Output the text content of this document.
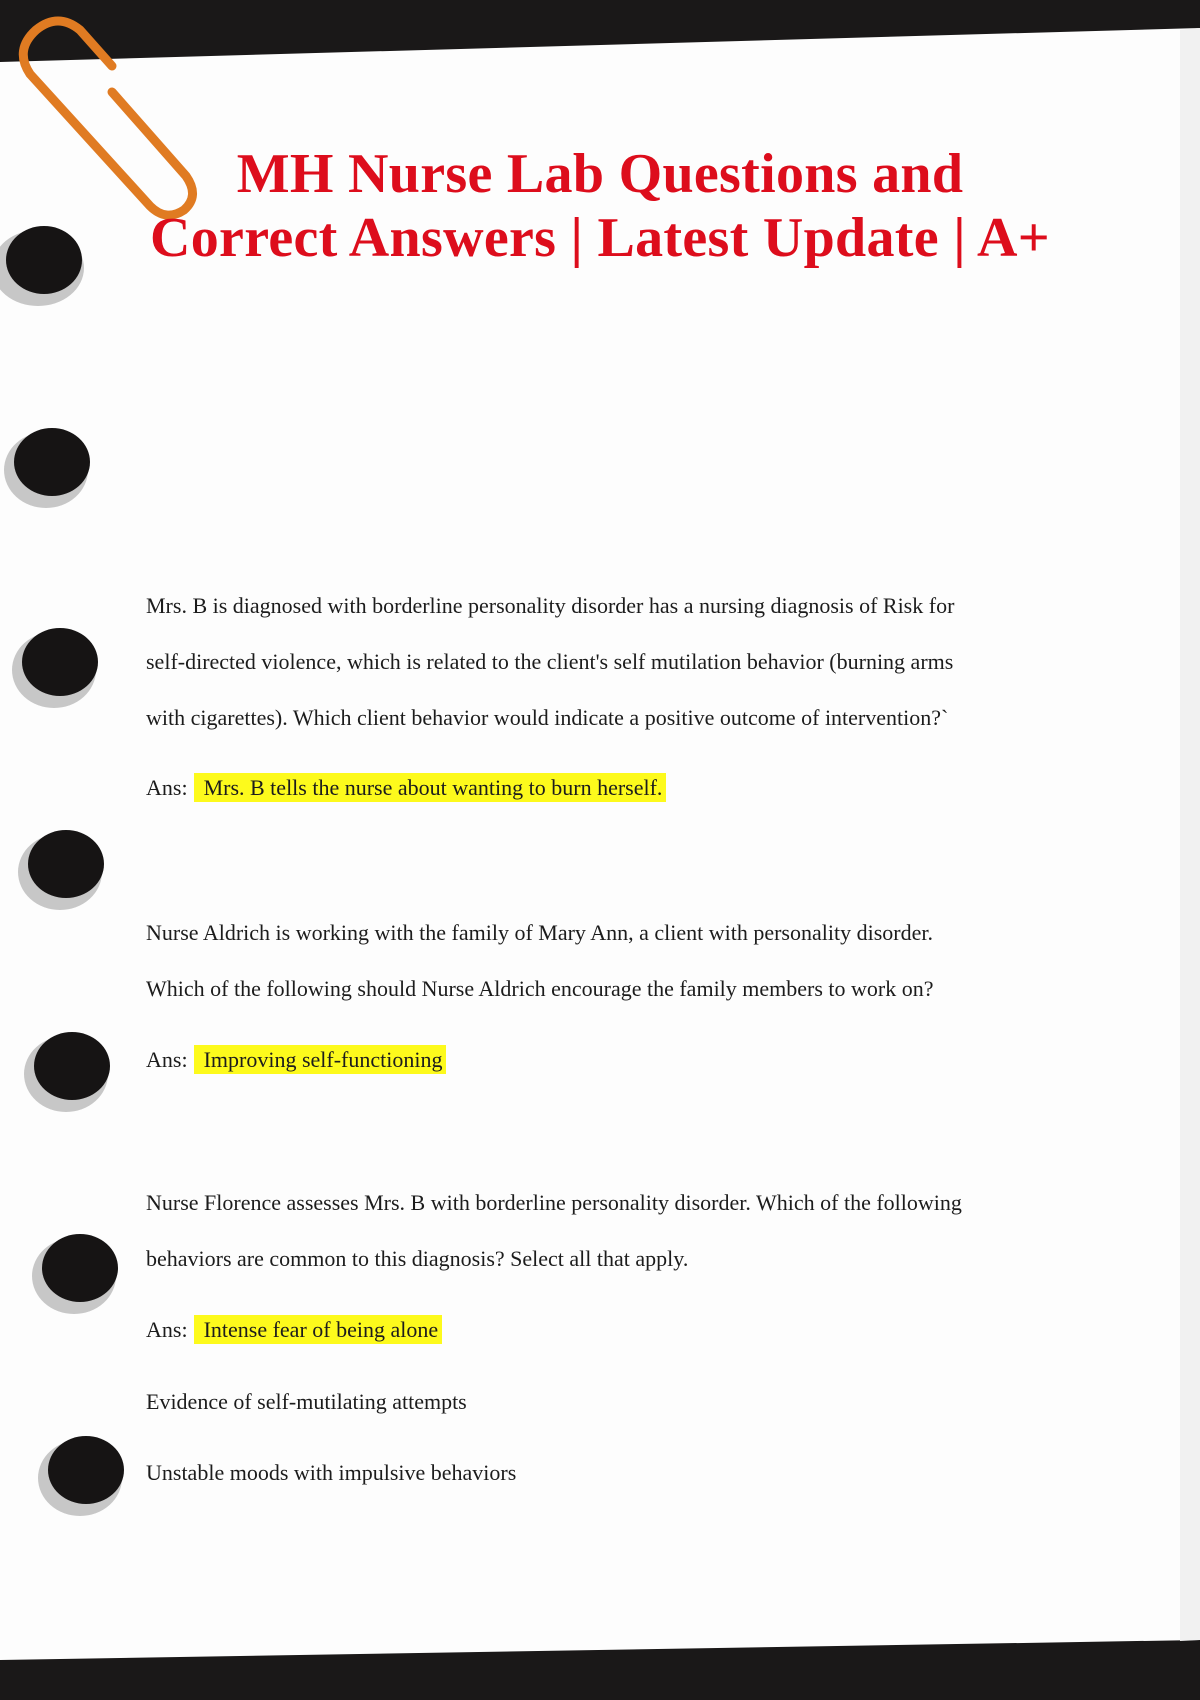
MH Nurse Lab Questions and
Correct Answers | Latest Update | A+
Mrs. B is diagnosed with borderline personality disorder has a nursing diagnosis of Risk for
self-directed violence, which is related to the client's self mutilation behavior (burning arms
with cigarettes). Which client behavior would indicate a positive outcome of intervention?`
Ans: Mrs. B tells the nurse about wanting to burn herself.
Nurse Aldrich is working with the family of Mary Ann, a client with personality disorder.
Which of the following should Nurse Aldrich encourage the family members to work on?
Ans: Improving self-functioning
Nurse Florence assesses Mrs. B with borderline personality disorder. Which of the following
behaviors are common to this diagnosis? Select all that apply.
Ans: Intense fear of being alone
Evidence of self-mutilating attempts
Unstable moods with impulsive behaviors
